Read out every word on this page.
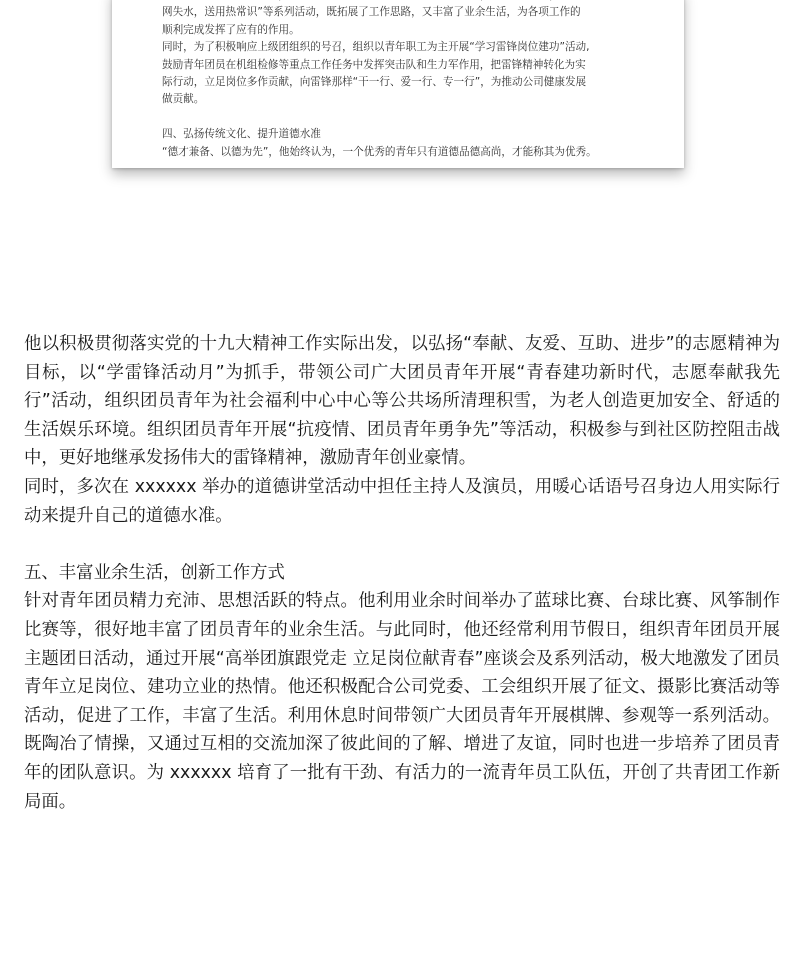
网失水，送用热常识”等系列活动，既拓展了工作思路，又丰富了业余生活，为各项工作的

顺利完成发挥了应有的作用。

同时，为了积极响应上级团组织的号召，组织以青年职工为主开展“学习雷锋岗位建功”活动,

鼓励青年团员在机组检修等重点工作任务中发挥突击队和生力军作用，把雷锋精神转化为实

际行动，立足岗位多作贡献，向雷锋那样“干一行、爱一行、专一行”，为推动公司健康发展

做贡献。

四、弘扬传统文化、提升道德水准

“德才兼备、以德为先”，他始终认为，一个优秀的青年只有道德品德高尚，才能称其为优秀。

他以积极贯彻落实党的十九大精神工作实际出发，以弘扬“奉献、友爱、互助、进步”的志愿精神为目标，以“学雷锋活动月”为抓手，带领公司广大团员青年开展“青春建功新时代，志愿奉献我先行”活动，组织团员青年为社会福利中心中心等公共场所清理积雪，为老人创造更加安全、舒适的生活娱乐环境。组织团员青年开展“抗疫情、团员青年勇争先”等活动，积极参与到社区防控阻击战中，更好地继承发扬伟大的雷锋精神，激励青年创业豪情。

同时，多次在 xxxxxx 举办的道德讲堂活动中担任主持人及演员，用暖心话语号召身边人用实际行动来提升自己的道德水准。

五、丰富业余生活，创新工作方式

针对青年团员精力充沛、思想活跃的特点。他利用业余时间举办了蓝球比赛、台球比赛、风筝制作比赛等，很好地丰富了团员青年的业余生活。与此同时，他还经常利用节假日，组织青年团员开展主题团日活动，通过开展“高举团旗跟党走 立足岗位献青春”座谈会及系列活动，极大地激发了团员青年立足岗位、建功立业的热情。他还积极配合公司党委、工会组织开展了征文、摄影比赛活动等活动，促进了工作，丰富了生活。利用休息时间带领广大团员青年开展棋牌、参观等一系列活动。既陶冶了情操，又通过互相的交流加深了彼此间的了解、增进了友谊，同时也进一步培养了团员青年的团队意识。为 xxxxxx 培育了一批有干劲、有活力的一流青年员工队伍，开创了共青团工作新局面。
